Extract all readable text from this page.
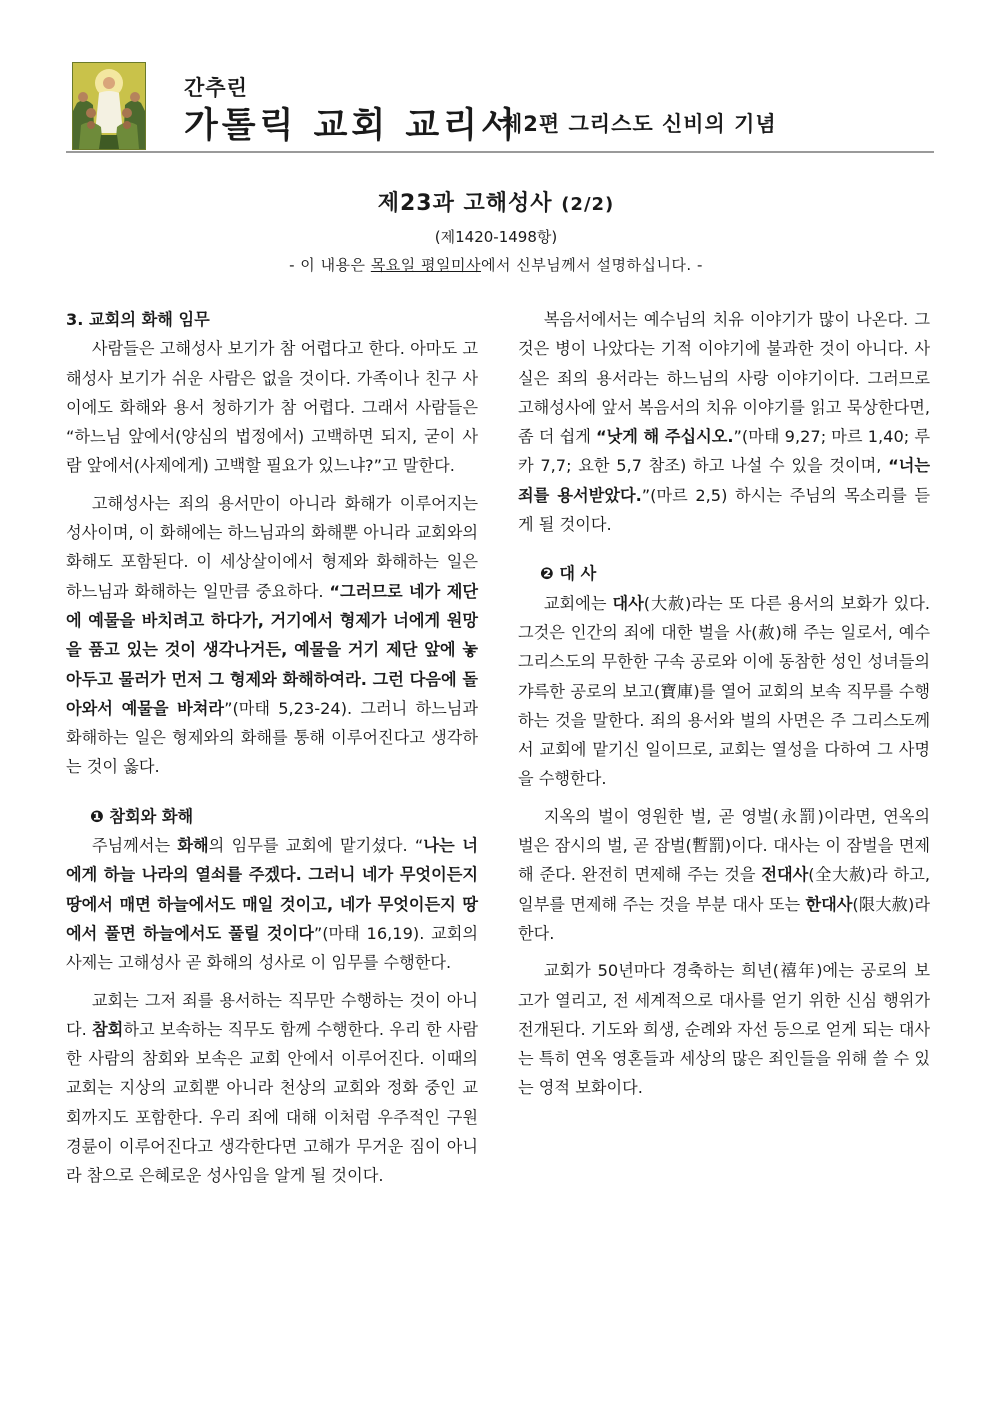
간추린
가톨릭 교회 교리서
제2편 그리스도 신비의 기념
제23과 고해성사 (2/2)
(제1420-1498항)
- 이 내용은 목요일 평일미사에서 신부님께서 설명하십니다. -
3. 교회의 화해 임무

사람들은 고해성사 보기가 참 어렵다고 한다. 아마도 고해성사 보기가 쉬운 사람은 없을 것이다. 가족이나 친구 사이에도 화해와 용서 청하기가 참 어렵다. 그래서 사람들은 “하느님 앞에서(양심의 법정에서) 고백하면 되지, 굳이 사람 앞에서(사제에게) 고백할 필요가 있느냐?”고 말한다.

고해성사는 죄의 용서만이 아니라 화해가 이루어지는 성사이며, 이 화해에는 하느님과의 화해뿐 아니라 교회와의 화해도 포함된다. 이 세상살이에서 형제와 화해하는 일은 하느님과 화해하는 일만큼 중요하다. “그러므로 네가 제단에 예물을 바치려고 하다가, 거기에서 형제가 너에게 원망을 품고 있는 것이 생각나거든, 예물을 거기 제단 앞에 놓아두고 물러가 먼저 그 형제와 화해하여라. 그런 다음에 돌아와서 예물을 바쳐라”(마태 5,23-24). 그러니 하느님과 화해하는 일은 형제와의 화해를 통해 이루어진다고 생각하는 것이 옳다.

❶ 참회와 화해

주님께서는 화해의 임무를 교회에 맡기셨다. “나는 너에게 하늘 나라의 열쇠를 주겠다. 그러니 네가 무엇이든지 땅에서 매면 하늘에서도 매일 것이고, 네가 무엇이든지 땅에서 풀면 하늘에서도 풀릴 것이다”(마태 16,19). 교회의 사제는 고해성사 곧 화해의 성사로 이 임무를 수행한다.

교회는 그저 죄를 용서하는 직무만 수행하는 것이 아니다. 참회하고 보속하는 직무도 함께 수행한다. 우리 한 사람 한 사람의 참회와 보속은 교회 안에서 이루어진다. 이때의 교회는 지상의 교회뿐 아니라 천상의 교회와 정화 중인 교회까지도 포함한다. 우리 죄에 대해 이처럼 우주적인 구원 경륜이 이루어진다고 생각한다면 고해가 무거운 짐이 아니라 참으로 은혜로운 성사임을 알게 될 것이다.

복음서에서는 예수님의 치유 이야기가 많이 나온다. 그것은 병이 나았다는 기적 이야기에 불과한 것이 아니다. 사실은 죄의 용서라는 하느님의 사랑 이야기이다. 그러므로 고해성사에 앞서 복음서의 치유 이야기를 읽고 묵상한다면, 좀 더 쉽게 “낫게 해 주십시오.”(마태 9,27; 마르 1,40; 루카 7,7; 요한 5,7 참조) 하고 나설 수 있을 것이며, “너는 죄를 용서받았다.”(마르 2,5) 하시는 주님의 목소리를 듣게 될 것이다.

❷ 대 사

교회에는 대사(大赦)라는 또 다른 용서의 보화가 있다. 그것은 인간의 죄에 대한 벌을 사(赦)해 주는 일로서, 예수 그리스도의 무한한 구속 공로와 이에 동참한 성인 성녀들의 갸륵한 공로의 보고(寶庫)를 열어 교회의 보속 직무를 수행하는 것을 말한다. 죄의 용서와 벌의 사면은 주 그리스도께서 교회에 맡기신 일이므로, 교회는 열성을 다하여 그 사명을 수행한다.

지옥의 벌이 영원한 벌, 곧 영벌(永罰)이라면, 연옥의 벌은 잠시의 벌, 곧 잠벌(暫罰)이다. 대사는 이 잠벌을 면제해 준다. 완전히 면제해 주는 것을 전대사(全大赦)라 하고, 일부를 면제해 주는 것을 부분 대사 또는 한대사(限大赦)라 한다.

교회가 50년마다 경축하는 희년(禧年)에는 공로의 보고가 열리고, 전 세계적으로 대사를 얻기 위한 신심 행위가 전개된다. 기도와 희생, 순례와 자선 등으로 얻게 되는 대사는 특히 연옥 영혼들과 세상의 많은 죄인들을 위해 쓸 수 있는 영적 보화이다.
